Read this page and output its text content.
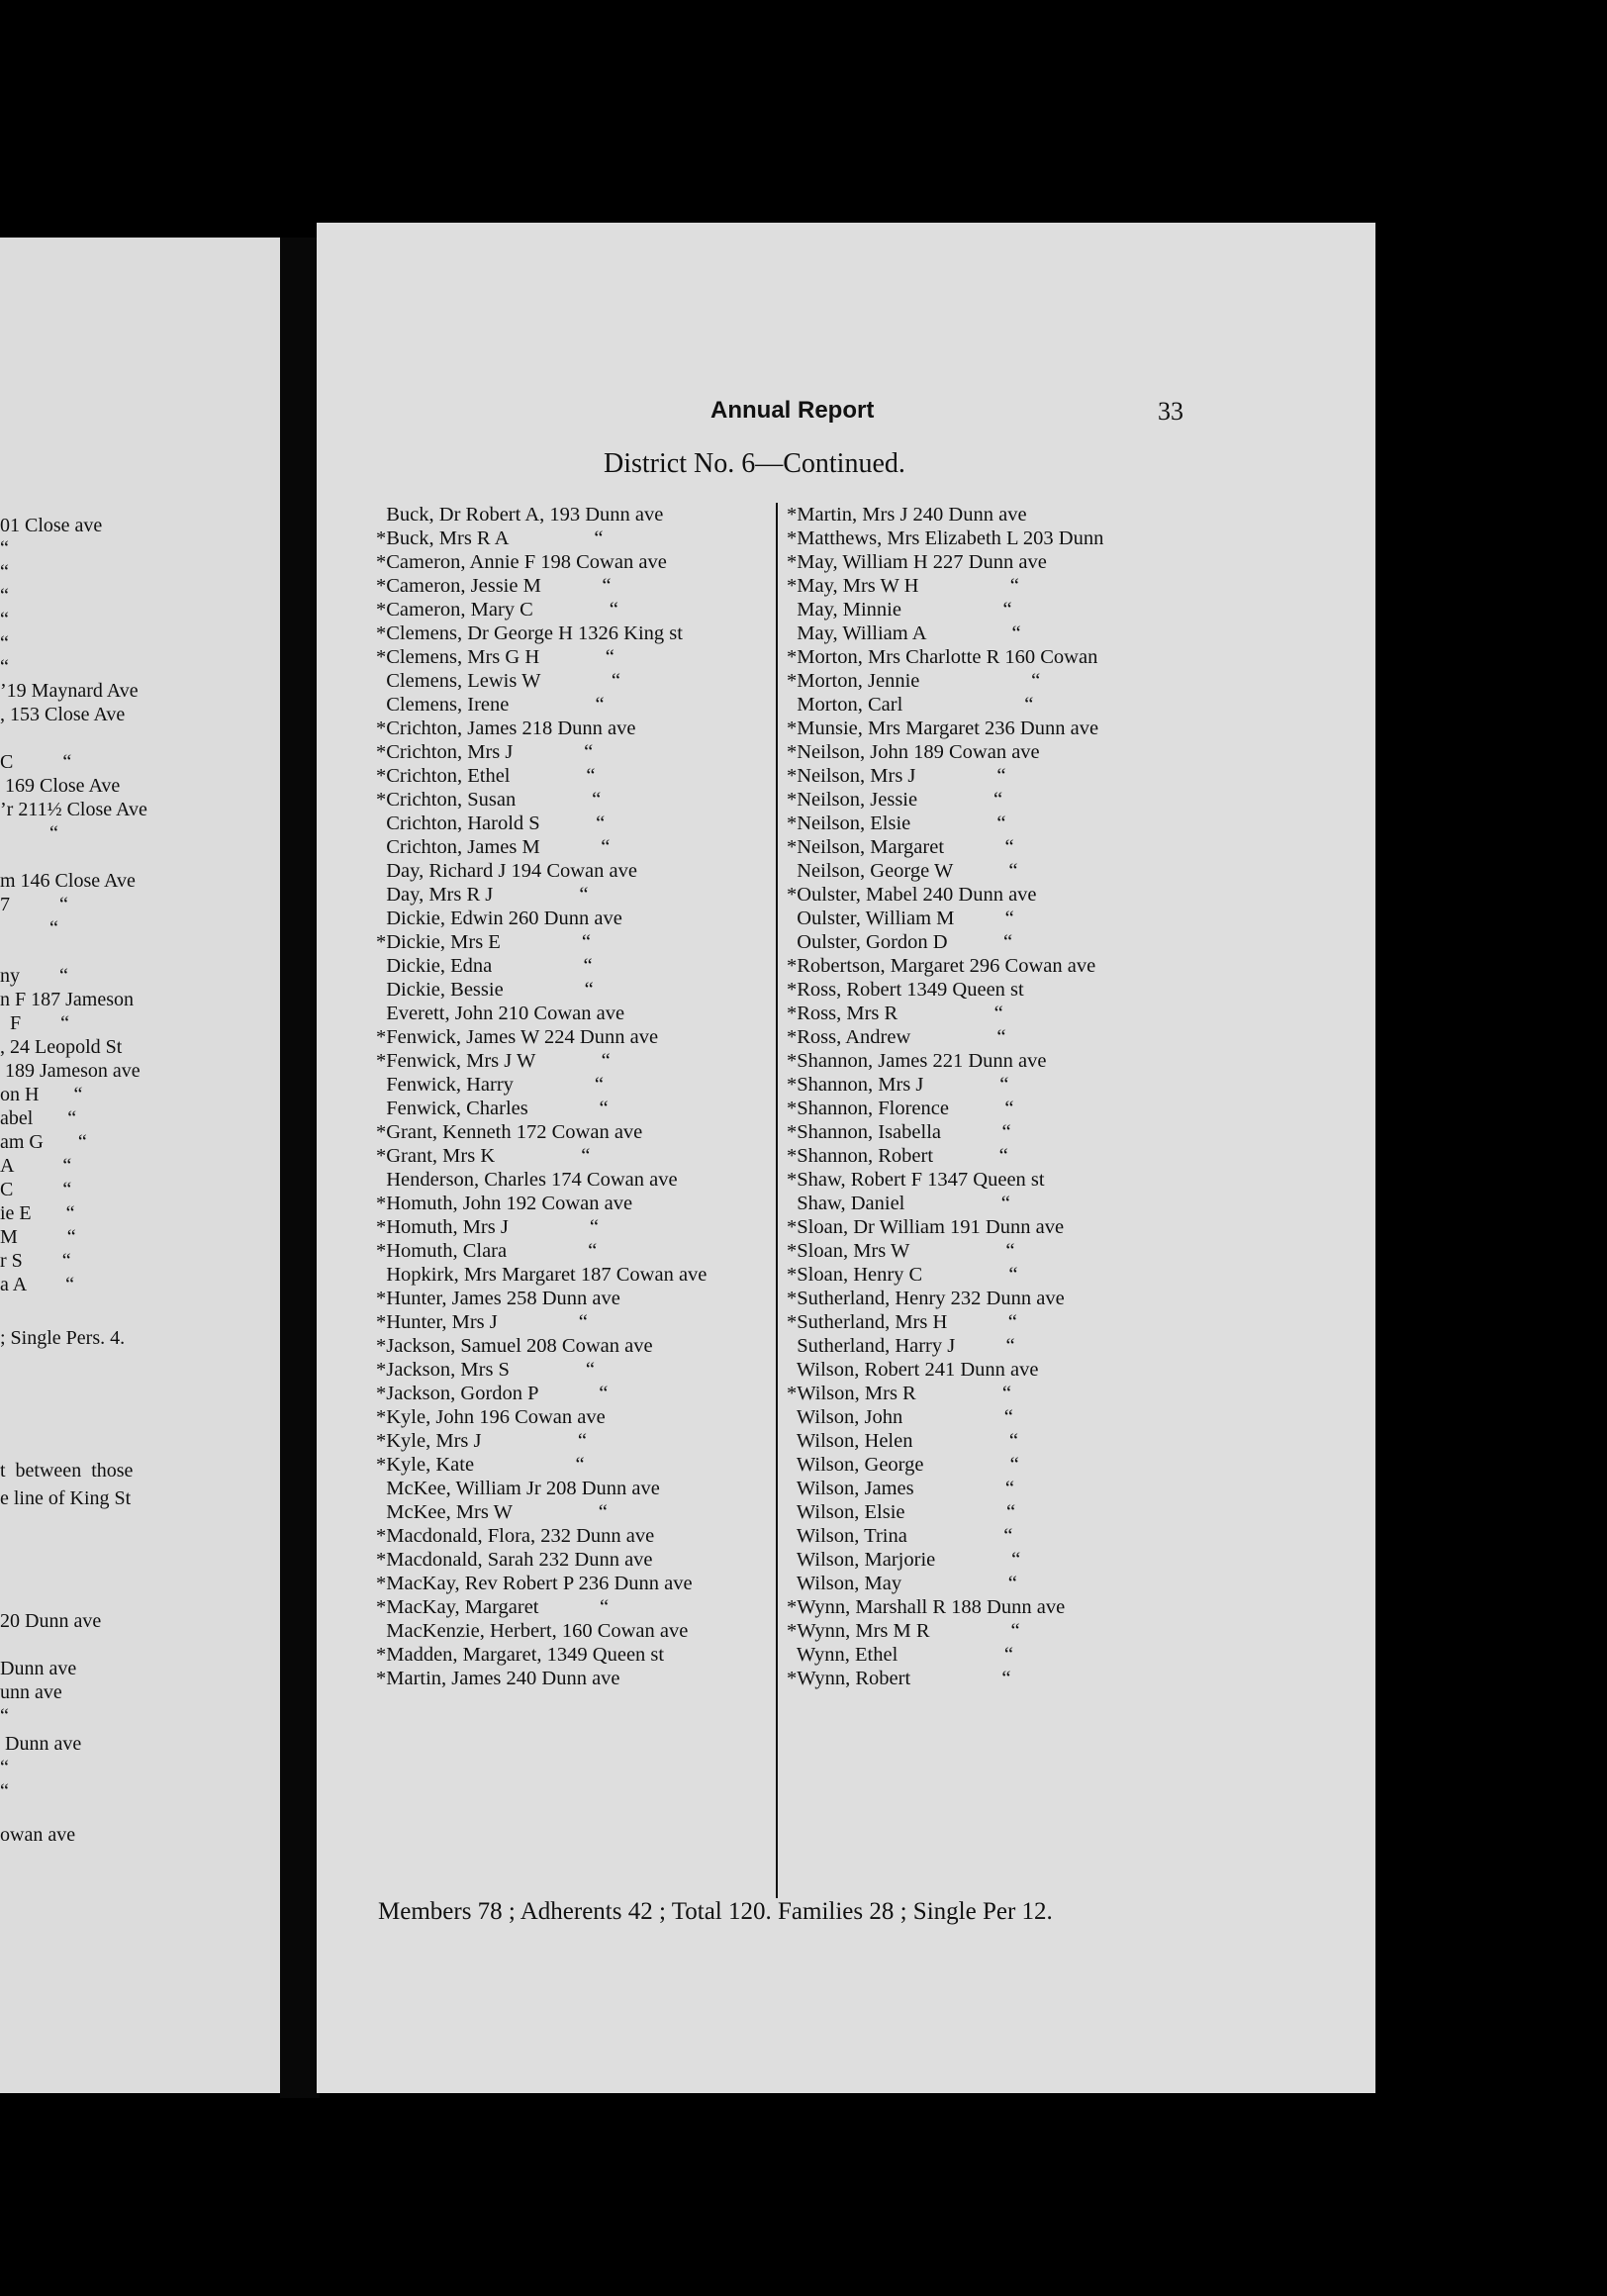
01 Close ave
“
“
“
“
“
“
’19 Maynard Ave
, 153 Close Ave
C          “
169 Close Ave
’r 211½ Close Ave
“
m 146 Close Ave
7          “
“
ny        “
n F 187 Jameson
F        “
, 24 Leopold St
189 Jameson ave
on H       “
abel       “
am G       “
A          “
C          “
ie E       “
M          “
r S        “
a A        “
; Single Pers. 4.
t  between  those
e line of King St
20 Dunn ave
Dunn ave
unn ave
“
Dunn ave
“
“
owan ave
Annual Report	33
District No. 6—Continued.
Buck, Dr Robert A, 193 Dunn ave
*Buck, Mrs R A                 “
*Cameron, Annie F 198 Cowan ave
*Cameron, Jessie M            “
*Cameron, Mary C               “
*Clemens, Dr George H 1326 King st
*Clemens, Mrs G H             “
Clemens, Lewis W              “
Clemens, Irene                 “
*Crichton, James 218 Dunn ave
*Crichton, Mrs J              “
*Crichton, Ethel               “
*Crichton, Susan               “
Crichton, Harold S           “
Crichton, James M            “
Day, Richard J 194 Cowan ave
Day, Mrs R J                 “
Dickie, Edwin 260 Dunn ave
*Dickie, Mrs E                “
Dickie, Edna                  “
Dickie, Bessie                “
Everett, John 210 Cowan ave
*Fenwick, James W 224 Dunn ave
*Fenwick, Mrs J W             “
Fenwick, Harry                “
Fenwick, Charles              “
*Grant, Kenneth 172 Cowan ave
*Grant, Mrs K                 “
Henderson, Charles 174 Cowan ave
*Homuth, John 192 Cowan ave
*Homuth, Mrs J                “
*Homuth, Clara                “
Hopkirk, Mrs Margaret 187 Cowan ave
*Hunter, James 258 Dunn ave
*Hunter, Mrs J                “
*Jackson, Samuel 208 Cowan ave
*Jackson, Mrs S               “
*Jackson, Gordon P            “
*Kyle, John 196 Cowan ave
*Kyle, Mrs J                   “
*Kyle, Kate                    “
McKee, William Jr 208 Dunn ave
McKee, Mrs W                 “
*Macdonald, Flora, 232 Dunn ave
*Macdonald, Sarah 232 Dunn ave
*MacKay, Rev Robert P 236 Dunn ave
*MacKay, Margaret            “
MacKenzie, Herbert, 160 Cowan ave
*Madden, Margaret, 1349 Queen st
*Martin, James 240 Dunn ave
*Martin, Mrs J 240 Dunn ave
*Matthews, Mrs Elizabeth L 203 Dunn
*May, William H 227 Dunn ave
*May, Mrs W H                  “
May, Minnie                    “
May, William A                 “
*Morton, Mrs Charlotte R 160 Cowan
*Morton, Jennie                      “
Morton, Carl                        “
*Munsie, Mrs Margaret 236 Dunn ave
*Neilson, John 189 Cowan ave
*Neilson, Mrs J                “
*Neilson, Jessie               “
*Neilson, Elsie                 “
*Neilson, Margaret            “
Neilson, George W           “
*Oulster, Mabel 240 Dunn ave
Oulster, William M          “
Oulster, Gordon D           “
*Robertson, Margaret 296 Cowan ave
*Ross, Robert 1349 Queen st
*Ross, Mrs R                   “
*Ross, Andrew                 “
*Shannon, James 221 Dunn ave
*Shannon, Mrs J               “
*Shannon, Florence           “
*Shannon, Isabella            “
*Shannon, Robert             “
*Shaw, Robert F 1347 Queen st
Shaw, Daniel                   “
*Sloan, Dr William 191 Dunn ave
*Sloan, Mrs W                   “
*Sloan, Henry C                 “
*Sutherland, Henry 232 Dunn ave
*Sutherland, Mrs H            “
Sutherland, Harry J          “
Wilson, Robert 241 Dunn ave
*Wilson, Mrs R                 “
Wilson, John                    “
Wilson, Helen                   “
Wilson, George                 “
Wilson, James                  “
Wilson, Elsie                    “
Wilson, Trina                   “
Wilson, Marjorie               “
Wilson, May                     “
*Wynn, Marshall R 188 Dunn ave
*Wynn, Mrs M R                “
Wynn, Ethel                     “
*Wynn, Robert                  “
Members 78 ; Adherents 42 ; Total 120. Families 28 ; Single Per 12.
